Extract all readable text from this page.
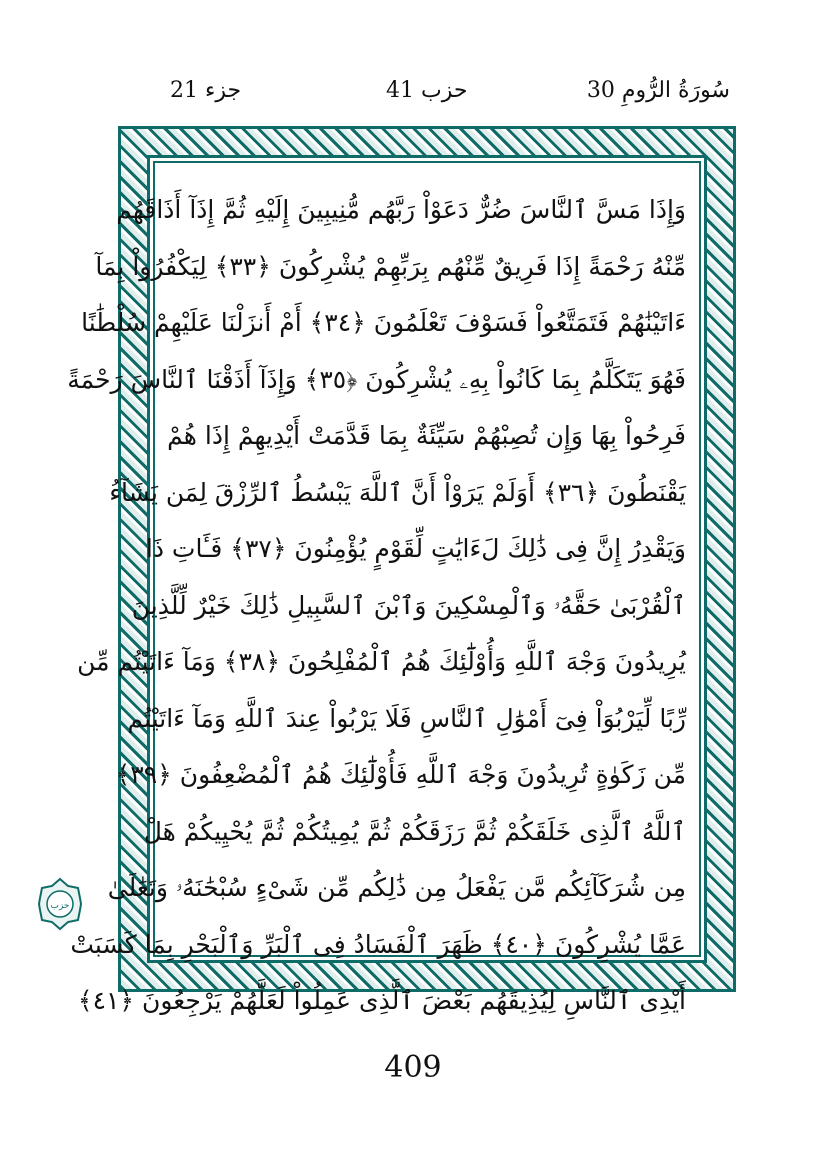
جزء 21	حزب 41	30 سُورَةُ الرُّومِ
وَإِذَا مَسَّ ٱلنَّاسَ ضُرٌّ دَعَوْاْ رَبَّهُم مُّنِيبِينَ إِلَيْهِ ثُمَّ إِذَآ أَذَاقَهُم
مِّنْهُ رَحْمَةً إِذَا فَرِيقٌ مِّنْهُم بِرَبِّهِمْ يُشْرِكُونَ ﴿٣٣﴾ لِيَكْفُرُواْ بِمَآ
ءَاتَيْنَٰهُمْ فَتَمَتَّعُواْ فَسَوْفَ تَعْلَمُونَ ﴿٣٤﴾ أَمْ أَنزَلْنَا عَلَيْهِمْ سُلْطَٰنًا
فَهُوَ يَتَكَلَّمُ بِمَا كَانُواْ بِهِۦ يُشْرِكُونَ ﴿٣٥﴾ وَإِذَآ أَذَقْنَا ٱلنَّاسَ رَحْمَةً
فَرِحُواْ بِهَا وَإِن تُصِبْهُمْ سَيِّئَةٌ بِمَا قَدَّمَتْ أَيْدِيهِمْ إِذَا هُمْ
يَقْنَطُونَ ﴿٣٦﴾ أَوَلَمْ يَرَوْاْ أَنَّ ٱللَّهَ يَبْسُطُ ٱلرِّزْقَ لِمَن يَشَآءُ
وَيَقْدِرُ إِنَّ فِى ذَٰلِكَ لَءَايَٰتٍ لِّقَوْمٍ يُؤْمِنُونَ ﴿٣٧﴾ فَـَٔاتِ ذَا
ٱلْقُرْبَىٰ حَقَّهُۥ وَٱلْمِسْكِينَ وَٱبْنَ ٱلسَّبِيلِ ذَٰلِكَ خَيْرٌ لِّلَّذِينَ
يُرِيدُونَ وَجْهَ ٱللَّهِ وَأُوْلَٰٓئِكَ هُمُ ٱلْمُفْلِحُونَ ﴿٣٨﴾ وَمَآ ءَاتَيْتُم مِّن
رِّبًا لِّيَرْبُوَاْ فِىٓ أَمْوَٰلِ ٱلنَّاسِ فَلَا يَرْبُواْ عِندَ ٱللَّهِ وَمَآ ءَاتَيْتُم
مِّن زَكَوٰةٍ تُرِيدُونَ وَجْهَ ٱللَّهِ فَأُوْلَٰٓئِكَ هُمُ ٱلْمُضْعِفُونَ ﴿٣٩﴾
ٱللَّهُ ٱلَّذِى خَلَقَكُمْ ثُمَّ رَزَقَكُمْ ثُمَّ يُمِيتُكُمْ ثُمَّ يُحْيِيكُمْ هَلْ
مِن شُرَكَآئِكُم مَّن يَفْعَلُ مِن ذَٰلِكُم مِّن شَىْءٍ سُبْحَٰنَهُۥ وَتَعَٰلَىٰ
عَمَّا يُشْرِكُونَ ﴿٤٠﴾ ظَهَرَ ٱلْفَسَادُ فِى ٱلْبَرِّ وَٱلْبَحْرِ بِمَا كَسَبَتْ
أَيْدِى ٱلنَّاسِ لِيُذِيقَهُم بَعْضَ ٱلَّذِى عَمِلُواْ لَعَلَّهُمْ يَرْجِعُونَ ﴿٤١﴾
حزب
409
